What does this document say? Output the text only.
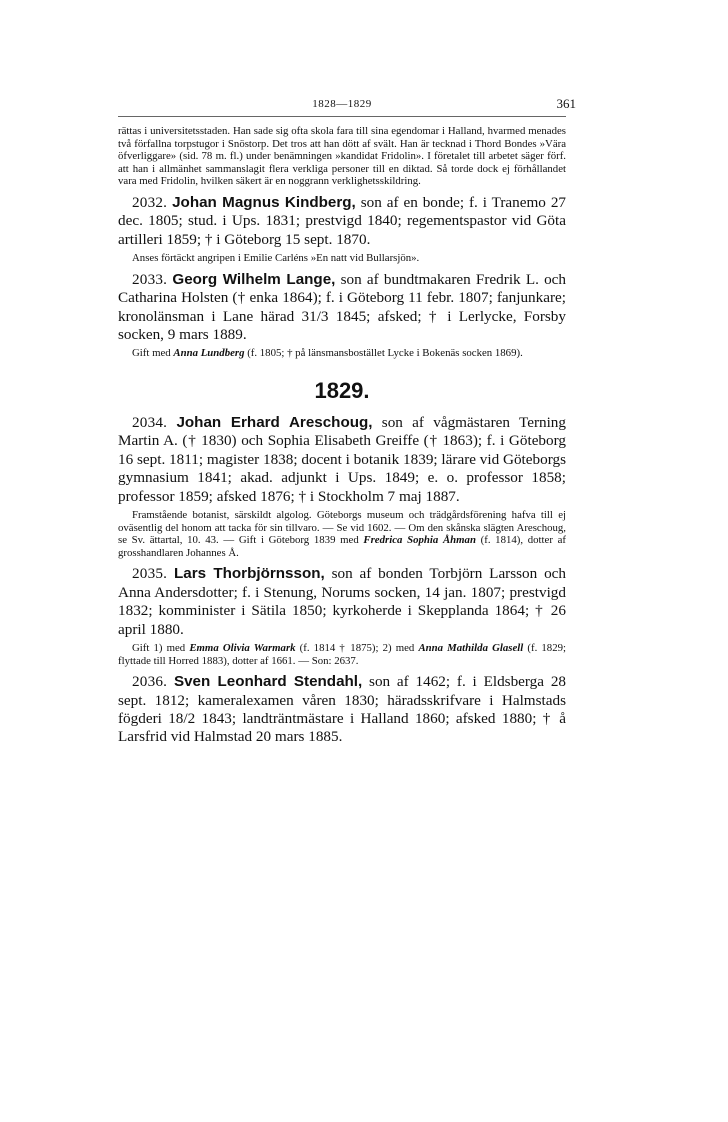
1828—1829	361

rättas i universitetsstaden. Han sade sig ofta skola fara till sina egendomar i Halland, hvarmed menades två förfallna torpstugor i Snöstorp. Det tros att han dött af svält. Han är tecknad i Thord Bondes »Vära öfverliggare» (sid. 78 m. fl.) under benämningen »kandidat Fridolin». I företalet till arbetet säger förf. att han i allmänhet sammanslagit flera verkliga personer till en diktad. Så torde dock ej förhållandet vara med Fridolin, hvilken säkert är en noggrann verklighetsskildring.

2032. Johan Magnus Kindberg, son af en bonde; f. i Tranemo 27 dec. 1805; stud. i Ups. 1831; prestvigd 1840; regementspastor vid Göta artilleri 1859; † i Göteborg 15 sept. 1870.

Anses förtäckt angripen i Emilie Carléns »En natt vid Bullarsjön».

2033. Georg Wilhelm Lange, son af bundtmakaren Fredrik L. och Catharina Holsten († enka 1864); f. i Göteborg 11 febr. 1807; fanjunkare; kronolänsman i Lane härad 31/3 1845; afsked; † i Lerlycke, Forsby socken, 9 mars 1889.

Gift med Anna Lundberg (f. 1805; † på länsmansbostället Lycke i Bokenäs socken 1869).

1829.

2034. Johan Erhard Areschoug, son af vågmästaren Terning Martin A. († 1830) och Sophia Elisabeth Greiffe († 1863); f. i Göteborg 16 sept. 1811; magister 1838; docent i botanik 1839; lärare vid Göteborgs gymnasium 1841; akad. adjunkt i Ups. 1849; e. o. professor 1858; professor 1859; afsked 1876; † i Stockholm 7 maj 1887.

Framstående botanist, särskildt algolog. Göteborgs museum och trädgårdsförening hafva till ej oväsentlig del honom att tacka för sin tillvaro. — Se vid 1602. — Om den skånska slägten Areschoug, se Sv. ättartal, 10. 43. — Gift i Göteborg 1839 med Fredrica Sophia Åhman (f. 1814), dotter af grosshandlaren Johannes Å.

2035. Lars Thorbjörnsson, son af bonden Torbjörn Larsson och Anna Andersdotter; f. i Stenung, Norums socken, 14 jan. 1807; prestvigd 1832; komminister i Sätila 1850; kyrkoherde i Skepplanda 1864; † 26 april 1880.

Gift 1) med Emma Olivia Warmark (f. 1814 † 1875); 2) med Anna Mathilda Glasell (f. 1829; flyttade till Horred 1883), dotter af 1661. — Son: 2637.

2036. Sven Leonhard Stendahl, son af 1462; f. i Eldsberga 28 sept. 1812; kameralexamen våren 1830; häradsskrifvare i Halmstads fögderi 18/2 1843; landträntmästare i Halland 1860; afsked 1880; † å Larsfrid vid Halmstad 20 mars 1885.
